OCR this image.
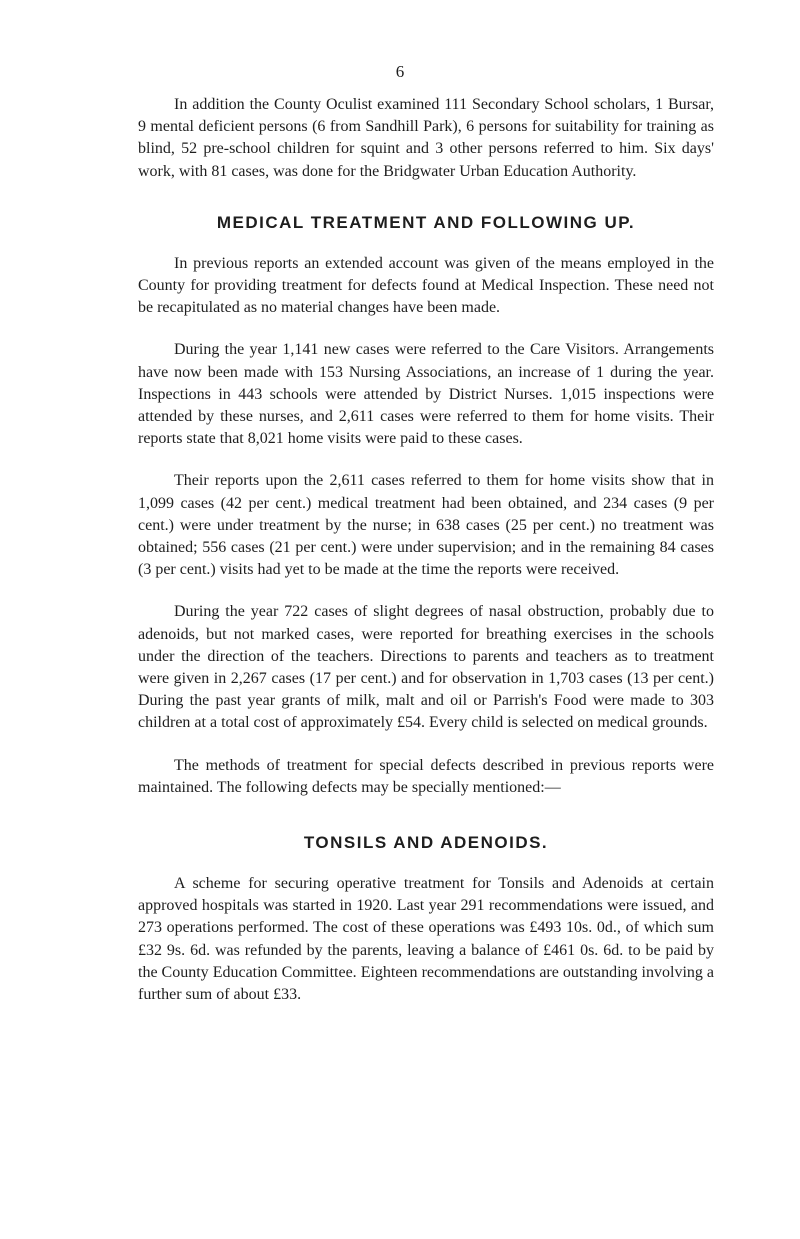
6

In addition the County Oculist examined 111 Secondary School scholars, 1 Bursar, 9 mental deficient persons (6 from Sandhill Park), 6 persons for suitability for training as blind, 52 pre-school children for squint and 3 other persons referred to him. Six days' work, with 81 cases, was done for the Bridgwater Urban Education Authority.

MEDICAL TREATMENT AND FOLLOWING UP.

In previous reports an extended account was given of the means employed in the County for providing treatment for defects found at Medical Inspection. These need not be recapitulated as no material changes have been made.

During the year 1,141 new cases were referred to the Care Visitors. Arrangements have now been made with 153 Nursing Associations, an increase of 1 during the year. Inspections in 443 schools were attended by District Nurses. 1,015 inspections were attended by these nurses, and 2,611 cases were referred to them for home visits. Their reports state that 8,021 home visits were paid to these cases.

Their reports upon the 2,611 cases referred to them for home visits show that in 1,099 cases (42 per cent.) medical treatment had been obtained, and 234 cases (9 per cent.) were under treatment by the nurse; in 638 cases (25 per cent.) no treatment was obtained; 556 cases (21 per cent.) were under supervision; and in the remaining 84 cases (3 per cent.) visits had yet to be made at the time the reports were received.

During the year 722 cases of slight degrees of nasal obstruction, probably due to adenoids, but not marked cases, were reported for breathing exercises in the schools under the direction of the teachers. Directions to parents and teachers as to treatment were given in 2,267 cases (17 per cent.) and for observation in 1,703 cases (13 per cent.) During the past year grants of milk, malt and oil or Parrish's Food were made to 303 children at a total cost of approximately £54. Every child is selected on medical grounds.

The methods of treatment for special defects described in previous reports were maintained. The following defects may be specially mentioned:—

TONSILS AND ADENOIDS.

A scheme for securing operative treatment for Tonsils and Adenoids at certain approved hospitals was started in 1920. Last year 291 recommendations were issued, and 273 operations performed. The cost of these operations was £493 10s. 0d., of which sum £32 9s. 6d. was refunded by the parents, leaving a balance of £461 0s. 6d. to be paid by the County Education Committee. Eighteen recommendations are outstanding involving a further sum of about £33.
